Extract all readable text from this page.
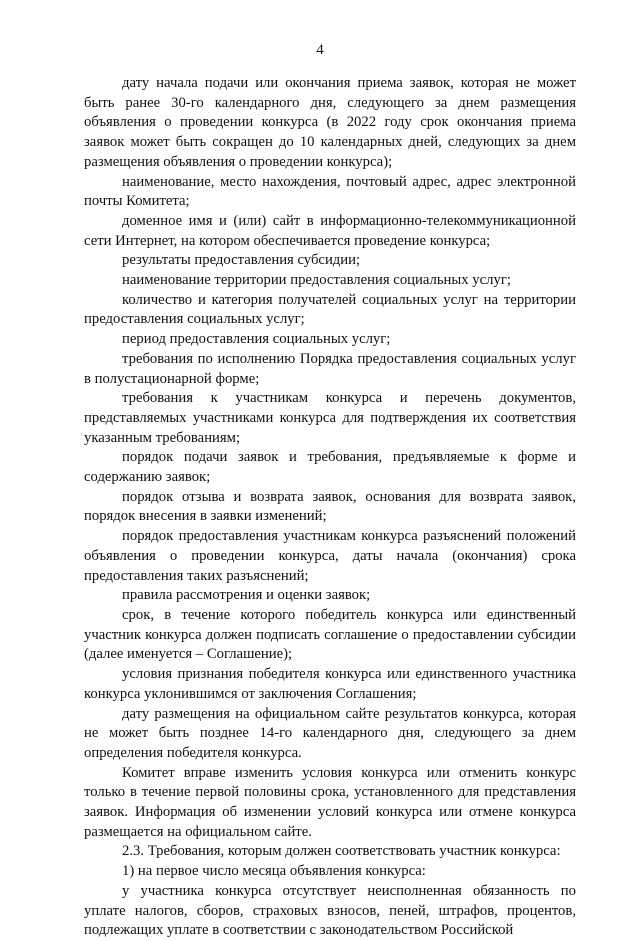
4

дату начала подачи или окончания приема заявок, которая не может быть ранее 30-го календарного дня, следующего за днем размещения объявления о проведении конкурса (в 2022 году срок окончания приема заявок может быть сокращен до 10 календарных дней, следующих за днем размещения объявления о проведении конкурса);

наименование, место нахождения, почтовый адрес, адрес электронной почты Комитета;

доменное имя и (или) сайт в информационно-телекоммуникационной сети Интернет, на котором обеспечивается проведение конкурса;

результаты предоставления субсидии;

наименование территории предоставления социальных услуг;

количество и категория получателей социальных услуг на территории предоставления социальных услуг;

период предоставления социальных услуг;

требования по исполнению Порядка предоставления социальных услуг в полустационарной форме;

требования к участникам конкурса и перечень документов, представляемых участниками конкурса для подтверждения их соответствия указанным требованиям;

порядок подачи заявок и требования, предъявляемые к форме и содержанию заявок;

порядок отзыва и возврата заявок, основания для возврата заявок, порядок внесения в заявки изменений;

порядок предоставления участникам конкурса разъяснений положений объявления о проведении конкурса, даты начала (окончания) срока предоставления таких разъяснений;

правила рассмотрения и оценки заявок;

срок, в течение которого победитель конкурса или единственный участник конкурса должен подписать соглашение о предоставлении субсидии (далее именуется – Соглашение);

условия признания победителя конкурса или единственного участника конкурса уклонившимся от заключения Соглашения;

дату размещения на официальном сайте результатов конкурса, которая не может быть позднее 14-го календарного дня, следующего за днем определения победителя конкурса.

Комитет вправе изменить условия конкурса или отменить конкурс только в течение первой половины срока, установленного для представления заявок. Информация об изменении условий конкурса или отмене конкурса размещается на официальном сайте.

2.3. Требования, которым должен соответствовать участник конкурса:

1) на первое число месяца объявления конкурса:

у участника конкурса отсутствует неисполненная обязанность по уплате налогов, сборов, страховых взносов, пеней, штрафов, процентов, подлежащих уплате в соответствии с законодательством Российской
